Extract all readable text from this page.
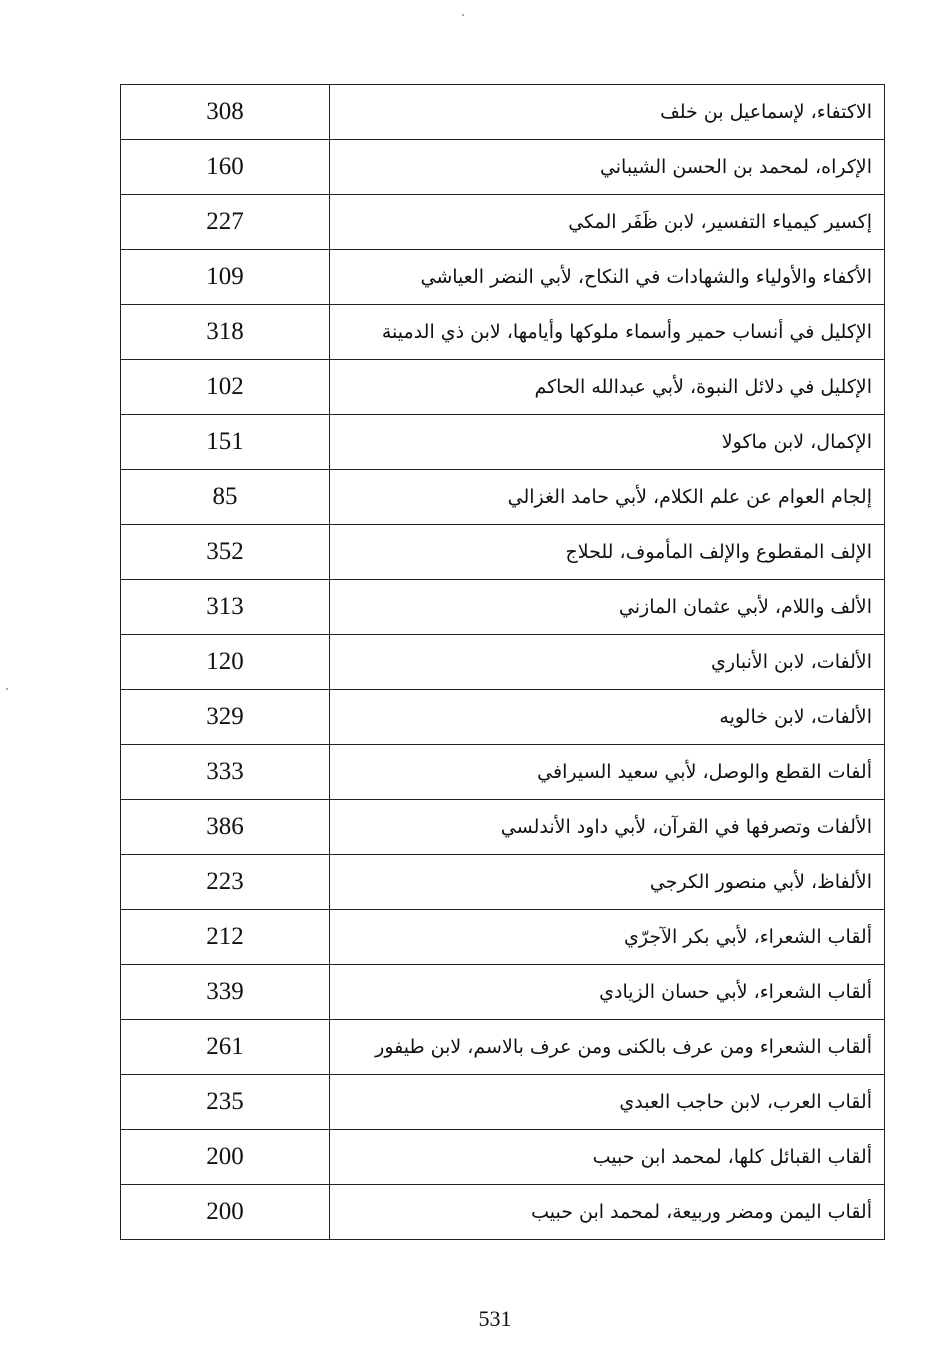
308	الاكتفاء، لإسماعيل بن خلف
160	الإكراه، لمحمد بن الحسن الشيباني
227	إكسير كيمياء التفسير، لابن ظَفَر المكي
109	الأكفاء والأولياء والشهادات في النكاح، لأبي النضر العياشي
318	الإكليل في أنساب حمير وأسماء ملوكها وأيامها، لابن ذي الدمينة
102	الإكليل في دلائل النبوة، لأبي عبدالله الحاكم
151	الإكمال، لابن ماكولا
85	إلجام العوام عن علم الكلام، لأبي حامد الغزالي
352	الإلف المقطوع والإلف المأموف، للحلاج
313	الألف واللام، لأبي عثمان المازني
120	الألفات، لابن الأنباري
329	الألفات، لابن خالويه
333	ألفات القطع والوصل، لأبي سعيد السيرافي
386	الألفات وتصرفها في القرآن، لأبي داود الأندلسي
223	الألفاظ، لأبي منصور الكرجي
212	ألقاب الشعراء، لأبي بكر الآجرّي
339	ألقاب الشعراء، لأبي حسان الزيادي
261	ألقاب الشعراء ومن عرف بالكنى ومن عرف بالاسم، لابن طيفور
235	ألقاب العرب، لابن حاجب العبدي
200	ألقاب القبائل كلها، لمحمد ابن حبيب
200	ألقاب اليمن ومضر وربيعة، لمحمد ابن حبيب
531
